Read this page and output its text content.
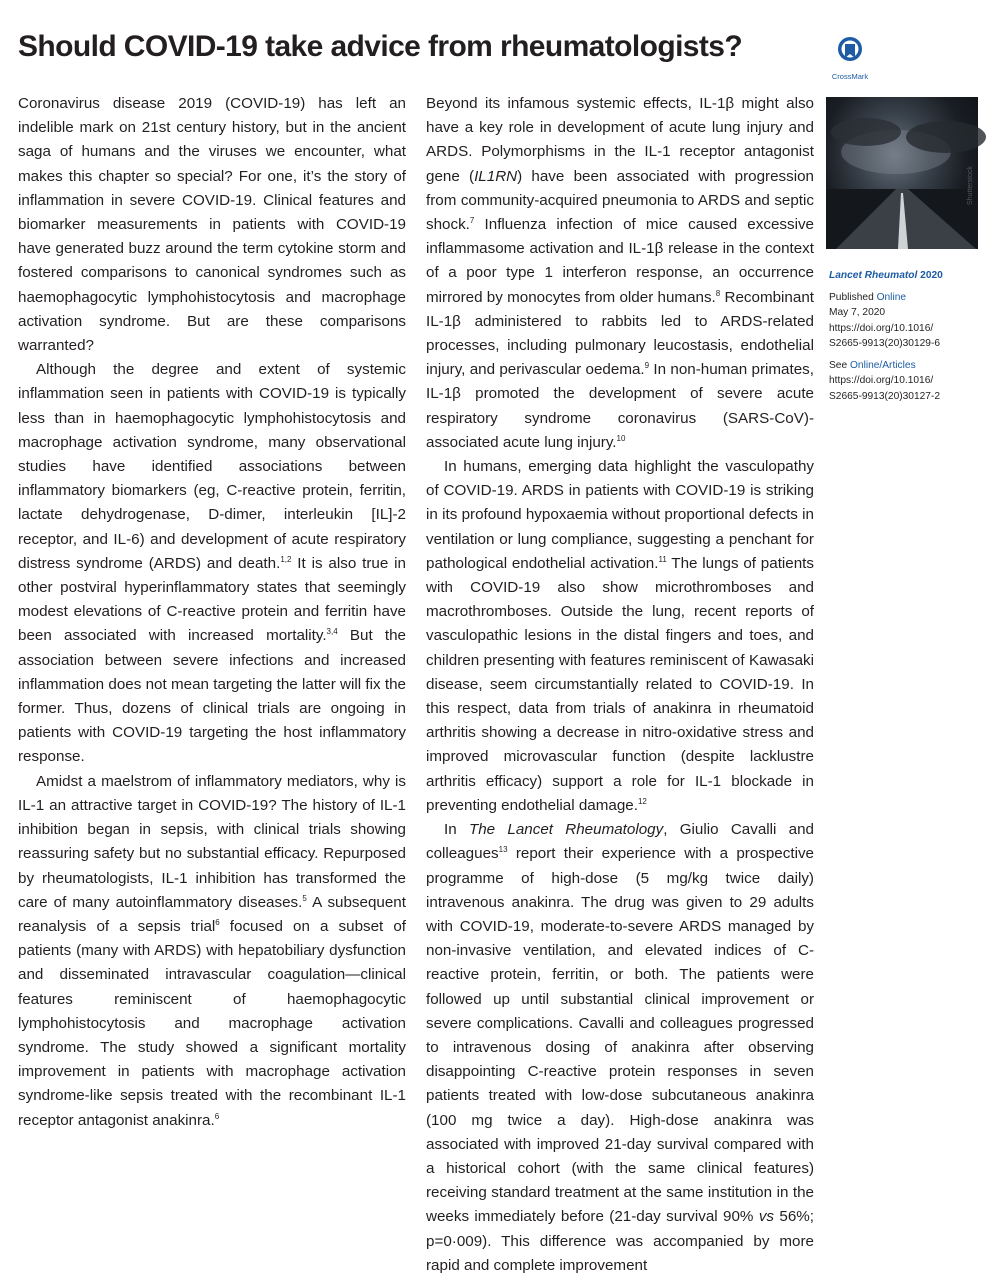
Should COVID-19 take advice from rheumatologists?
CrossMark

Coronavirus disease 2019 (COVID-19) has left an indelible mark on 21st century history, but in the ancient saga of humans and the viruses we encounter, what makes this chapter so special? For one, it’s the story of inflammation in severe COVID-19. Clinical features and biomarker measurements in patients with COVID-19 have generated buzz around the term cytokine storm and fostered comparisons to canonical syndromes such as haemophagocytic lymphohistocytosis and macrophage activation syndrome. But are these comparisons warranted?

Although the degree and extent of systemic inflammation seen in patients with COVID-19 is typically less than in haemophagocytic lymphohistocytosis and macrophage activation syndrome, many observational studies have identified associations between inflammatory biomarkers (eg, C-reactive protein, ferritin, lactate dehydrogenase, D-dimer, interleukin [IL]-2 receptor, and IL-6) and development of acute respiratory distress syndrome (ARDS) and death.$^{1,2}$ It is also true in other postviral hyperinflammatory states that seemingly modest elevations of C-reactive protein and ferritin have been associated with increased mortality.$^{3,4}$ But the association between severe infections and increased inflammation does not mean targeting the latter will fix the former. Thus, dozens of clinical trials are ongoing in patients with COVID-19 targeting the host inflammatory response.

Amidst a maelstrom of inflammatory mediators, why is IL-1 an attractive target in COVID-19? The history of IL-1 inhibition began in sepsis, with clinical trials showing reassuring safety but no substantial efficacy. Repurposed by rheumatologists, IL-1 inhibition has transformed the care of many autoinflammatory diseases.$^5$ A subsequent reanalysis of a sepsis trial$^6$ focused on a subset of patients (many with ARDS) with hepatobiliary dysfunction and disseminated intravascular coagulation—clinical features reminiscent of haemophagocytic lymphohistocytosis and macrophage activation syndrome. The study showed a significant mortality improvement in patients with macrophage activation syndrome-like sepsis treated with the recombinant IL-1 receptor antagonist anakinra.$^6$

Beyond its infamous systemic effects, IL-1β might also have a key role in development of acute lung injury and ARDS. Polymorphisms in the IL-1 receptor antagonist gene (IL1RN) have been associated with progression from community-acquired pneumonia to ARDS and septic shock.$^7$ Influenza infection of mice caused excessive inflammasome activation and IL-1β release in the context of a poor type 1 interferon response, an occurrence mirrored by monocytes from older humans.$^8$ Recombinant IL-1β administered to rabbits led to ARDS-related processes, including pulmonary leucostasis, endothelial injury, and perivascular oedema.$^9$ In non-human primates, IL-1β promoted the development of severe acute respiratory syndrome coronavirus (SARS-CoV)-associated acute lung injury.$^{10}$

In humans, emerging data highlight the vasculopathy of COVID-19. ARDS in patients with COVID-19 is striking in its profound hypoxaemia without proportional defects in ventilation or lung compliance, suggesting a penchant for pathological endothelial activation.$^{11}$ The lungs of patients with COVID-19 also show microthromboses and macrothromboses. Outside the lung, recent reports of vasculopathic lesions in the distal fingers and toes, and children presenting with features reminiscent of Kawasaki disease, seem circumstantially related to COVID-19. In this respect, data from trials of anakinra in rheumatoid arthritis showing a decrease in nitro-oxidative stress and improved microvascular function (despite lacklustre arthritis efficacy) support a role for IL-1 blockade in preventing endothelial damage.$^{12}$

In The Lancet Rheumatology, Giulio Cavalli and colleagues$^{13}$ report their experience with a prospective programme of high-dose (5 mg/kg twice daily) intravenous anakinra. The drug was given to 29 adults with COVID-19, moderate-to-severe ARDS managed by non-invasive ventilation, and elevated indices of C-reactive protein, ferritin, or both. The patients were followed up until substantial clinical improvement or severe complications. Cavalli and colleagues progressed to intravenous dosing of anakinra after observing disappointing C-reactive protein responses in seven patients treated with low-dose subcutaneous anakinra (100 mg twice a day). High-dose anakinra was associated with improved 21-day survival compared with a historical cohort (with the same clinical features) receiving standard treatment at the same institution in the weeks immediately before (21-day survival 90% vs 56%; p=0·009). This difference was accompanied by more rapid and complete improvement

Shutterstock
Lancet Rheumatol 2020
Published Online
May 7, 2020
https://doi.org/10.1016/
S2665-9913(20)30129-6
See Online/Articles
https://doi.org/10.1016/
S2665-9913(20)30127-2
